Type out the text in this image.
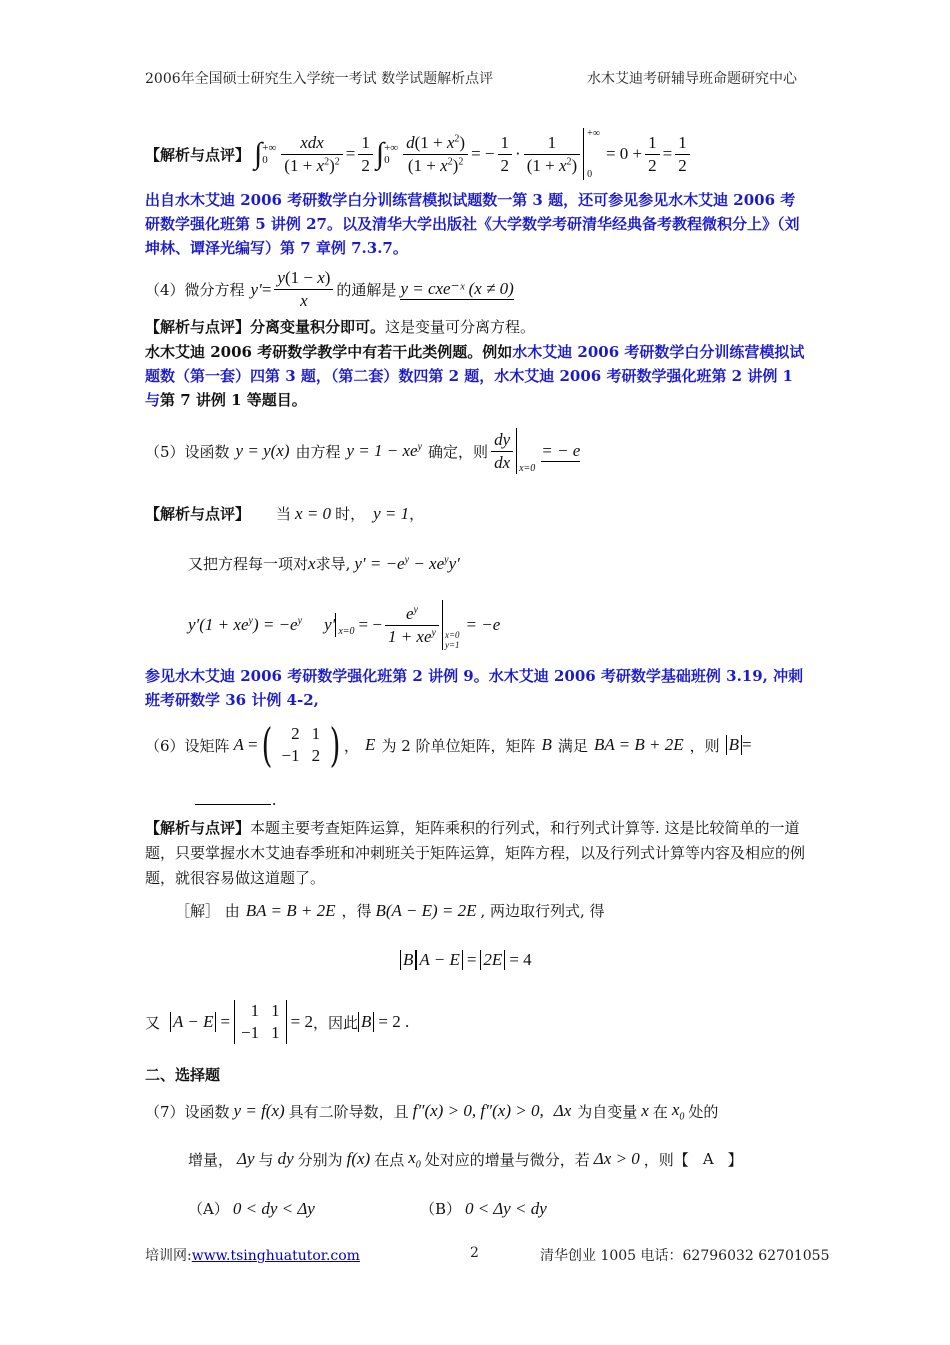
2006年全国硕士研究生入学统一考试 数学试题解析点评	水木艾迪考研辅导班命题研究中心
【解析与点评】 ∫ +∞
$0 \frac{\text{xdx}}{(1 + x^2)^2} = \frac{1}{2}$ ∫ +∞
$0 \frac{d(1 + x^2)}{(1 + x^2)^2}$ = − $\frac{1}{2} \cdot \frac{1}{(1 + x^2)}$ +∞
0
= $0 + \frac{1}{2} = \frac{1}{2}$
出自水木艾迪 2006 考研数学白分训练营模拟试题数一第 3 题，还可参见参见水木艾迪 2006 考研数学强化班第 5 讲例 27。以及清华大学出版社《大学数学考研清华经典备考教程微积分上》（刘坤林、谭泽光编写）第 7 章例 7.3.7。
（4）微分方程 $y' = \frac{y(1 - x)}{x}$ 的通解是 y = cxe⁻ˣ (x ≠ 0)
【解析与点评】分离变量积分即可。这是变量可分离方程。
水木艾迪 2006 考研数学教学中有若干此类例题。例如水木艾迪 2006 考研数学白分训练营模拟试题数（第一套）四第 3 题，（第二套）数四第 2 题，水木艾迪 2006 考研数学强化班第 2 讲例 1 与第 7 讲例 1 等题目。
（5）设函数 y = y(x) 由方程 $y = 1 - xe^y$ 确定，则 $\frac{dy}{dx} x=0$
= − e
【解析与点评】 当 x = 0 时， y = 1 ，
又把方程每一项对 x 求导, $y' = -e^y - xe^yy'$
$y'(1 + xe^y) = -e^y$ y′ x=0 = − $\frac{e^y}{1 + xe^y} x=0$
y=1
= −e
参见水木艾迪 2006 考研数学强化班第 2 讲例 9。水木艾迪 2006 考研数学基础班例 3.19, 冲刺班考研数学 36 计例 4-2,
（6）设矩阵 A = ( 2	1
−1	2 ) ， E 为 2 阶单位矩阵，矩阵 B 满足 BA = B + 2E ，则 B =
.
【解析与点评】本题主要考查矩阵运算，矩阵乘积的行列式，和行列式计算等. 这是比较简单的一道题，只要掌握水木艾迪春季班和冲刺班关于矩阵运算，矩阵方程，以及行列式计算等内容及相应的例题，就很容易做这道题了。
［解］ 由 BA = B + 2E ，得 B(A − E) = 2E , 两边取行列式, 得
B A − E = 2E = 4
又 A − E =
1	1
−1	1
= 2 ，因此 B = 2 .
二、选择题
（7）设函数 y = f(x) 具有二阶导数，且 f″(x) > 0, f″(x) > 0, Δx 为自变量 x 在 $x_0$ 处的
增量， Δy 与 dy 分别为 f(x) 在点 $x_0$ 处对应的增量与微分，若 Δx > 0 ，则【 A 】
（A） 0 < dy < Δy	（B） 0 < Δy < dy
培训网:www.tsinghuatutor.com	2	清华创业 1005 电话：62796032 62701055
